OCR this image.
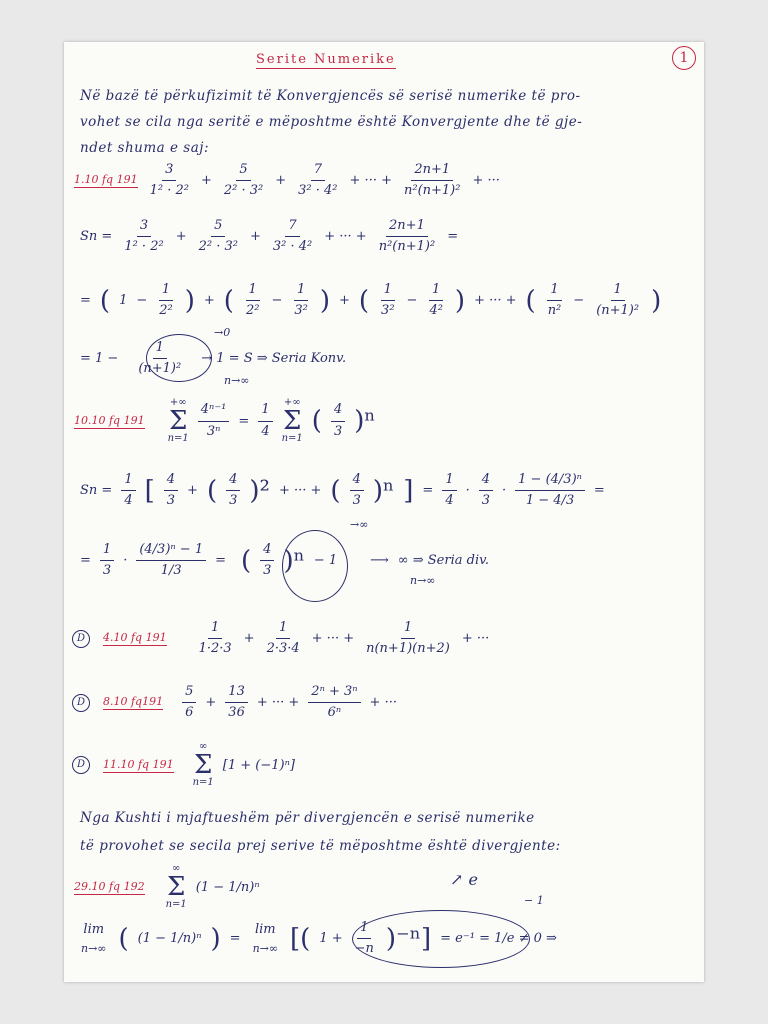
Serite Numerike	1
Në bazë të përkufizimit të Konvergjencës së serisë numerike të pro-
vohet se cila nga seritë e mëposhtme është Konvergjente dhe të gje-
ndet shuma e saj:
1.10 fq $191 \frac{3}{\text{1² · 2²}} + \frac{5}{\text{2² · 3²}} + \frac{7}{\text{3² · 4²}}$ + ··· + $\frac{2n+1}{\text{n²(n+1)²}}$ + ···
$Sn = \frac{3}{\text{1² · 2²}} + \frac{5}{\text{2² · 3²}} + \frac{7}{\text{3² · 4²}}$ + ··· + $\frac{2n+1}{\text{n²(n+1)²}}$ =
= ( $1 - \frac{1}{\text{2²}}$ ) + ( $\frac{1}{\text{2²}} - \frac{1}{\text{3²}}$ ) + ( $\frac{1}{\text{3²}} - \frac{1}{\text{4²}}$ ) + ··· + ( $\frac{1}{\text{n²}} - \frac{1}{\text{(n+1)²}}$ )
= $1 - \frac{1}{\text{(n+1)²}} \to 1 = S$ ⇒ Seria Konv.
→0
n→∞
10.10 fq 191
+∞
Σ
$n=1 \frac{\text{4ⁿ⁻¹}}{\text{3ⁿ}} = \frac{1}{4}$ +∞
Σ
n=1
( $\frac{4}{3} )^n$
$Sn = \frac{1}{4}$ [ $\frac{4}{3}$ + ( $\frac{4}{3} )^2$ + ··· + ( $\frac{4}{3} )^n$ ] = $\frac{1}{4} \cdot \frac{4}{3} \cdot \frac{\text{1 − (4/3)ⁿ}}{1 - 4/3}$ =
= $\frac{1}{3} \cdot \frac{\text{(4/3)ⁿ − 1}}{1/3}$ = ( $\frac{4}{3} )^n - 1$	⟶ ∞ ⇒ Seria div.
→∞
n→∞
D	4.10 fq $191 \frac{1}{1\cdot 2\cdot 3} + \frac{1}{2\cdot 3\cdot 4}$ + ··· + $\frac{1}{n(n+1)(n+2)}$ + ···
D	8.10 $fq191 \frac{5}{6} + \frac{13}{36}$ + ··· + $\frac{\text{2ⁿ + 3ⁿ}}{\text{6ⁿ}}$ + ···
D	11.10 fq 191
∞
Σ
n=1
[1 + (−1)ⁿ]
Nga Kushti i mjaftueshëm për divergjencën e serisë numerike
të provohet se secila prej serive të mëposhtme është divergjente:
29.10 fq 192
∞
Σ
n=1
(1 − 1/n)ⁿ	↗ e
− 1
lim
n→∞ ( (1 − 1/n)ⁿ ) =
lim
n→∞ [( $1 + \frac{1}{-n} )^{-n}] = e^{-1} = 1/e \ne 0$ ⇒
